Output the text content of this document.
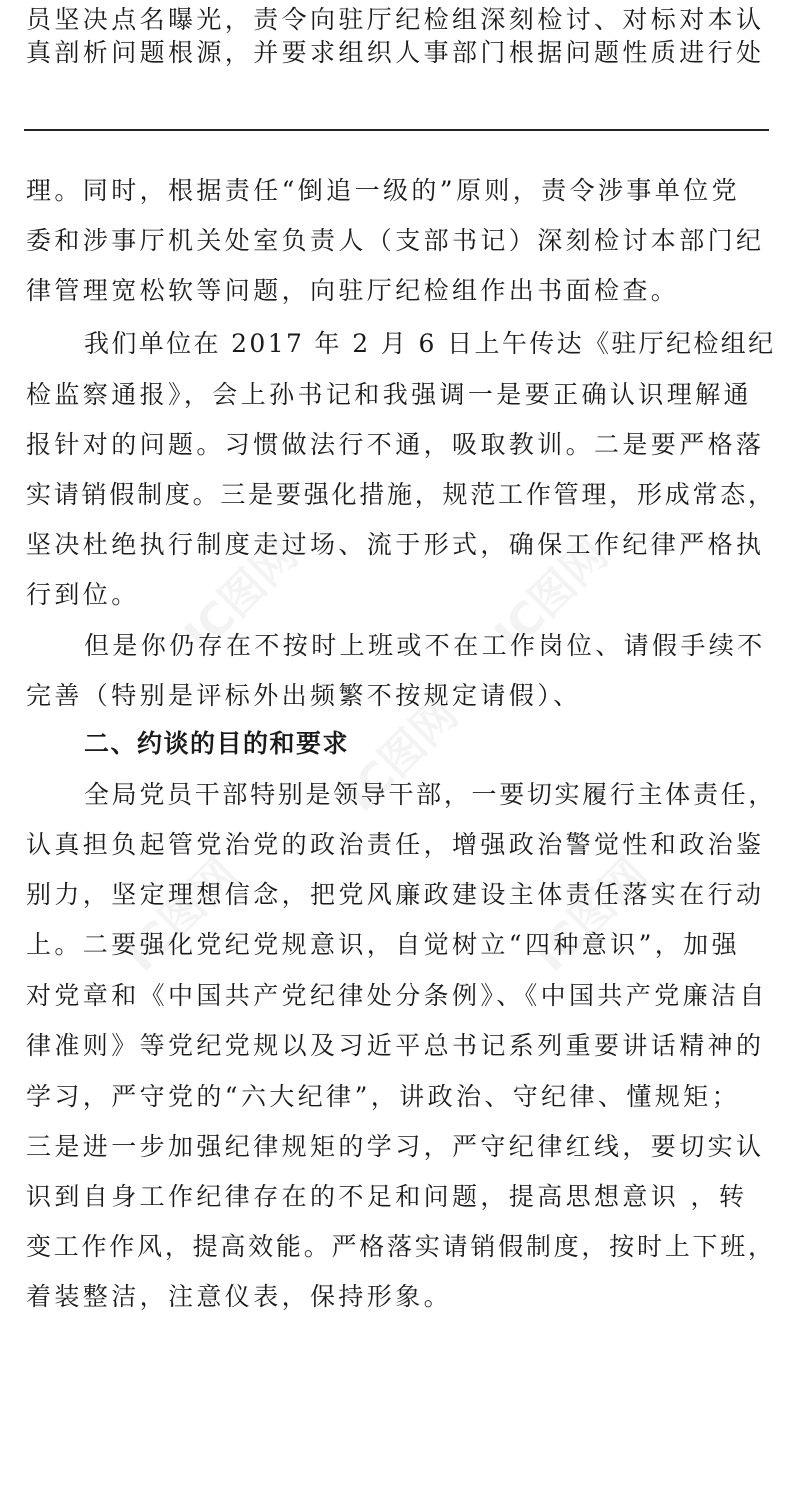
员坚决点名曝光，责令向驻厅纪检组深刻检讨、对标对本认
真剖析问题根源，并要求组织人事部门根据问题性质进行处
理。同时，根据责任“倒追一级的”原则，责令涉事单位党
委和涉事厅机关处室负责人（支部书记）深刻检讨本部门纪
律管理宽松软等问题，向驻厅纪检组作出书面检查。
我们单位在 2017 年 2 月 6 日上午传达《驻厅纪检组纪
检监察通报》，会上孙书记和我强调一是要正确认识理解通
报针对的问题。习惯做法行不通，吸取教训。二是要严格落
实请销假制度。三是要强化措施，规范工作管理，形成常态，
坚决杜绝执行制度走过场、流于形式，确保工作纪律严格执
行到位。
但是你仍存在不按时上班或不在工作岗位、请假手续不
完善（特别是评标外出频繁不按规定请假）、
二、约谈的目的和要求
全局党员干部特别是领导干部，一要切实履行主体责任，
认真担负起管党治党的政治责任，增强政治警觉性和政治鉴
别力，坚定理想信念，把党风廉政建设主体责任落实在行动
上。二要强化党纪党规意识，自觉树立“四种意识”，加强
对党章和《中国共产党纪律处分条例》、《中国共产党廉洁自
律准则》等党纪党规以及习近平总书记系列重要讲话精神的
学习，严守党的“六大纪律”，讲政治、守纪律、懂规矩；
三是进一步加强纪律规矩的学习，严守纪律红线，要切实认
识到自身工作纪律存在的不足和问题，提高思想意识 ，转
变工作作风，提高效能。严格落实请销假制度，按时上下班，
着装整洁，注意仪表，保持形象。
